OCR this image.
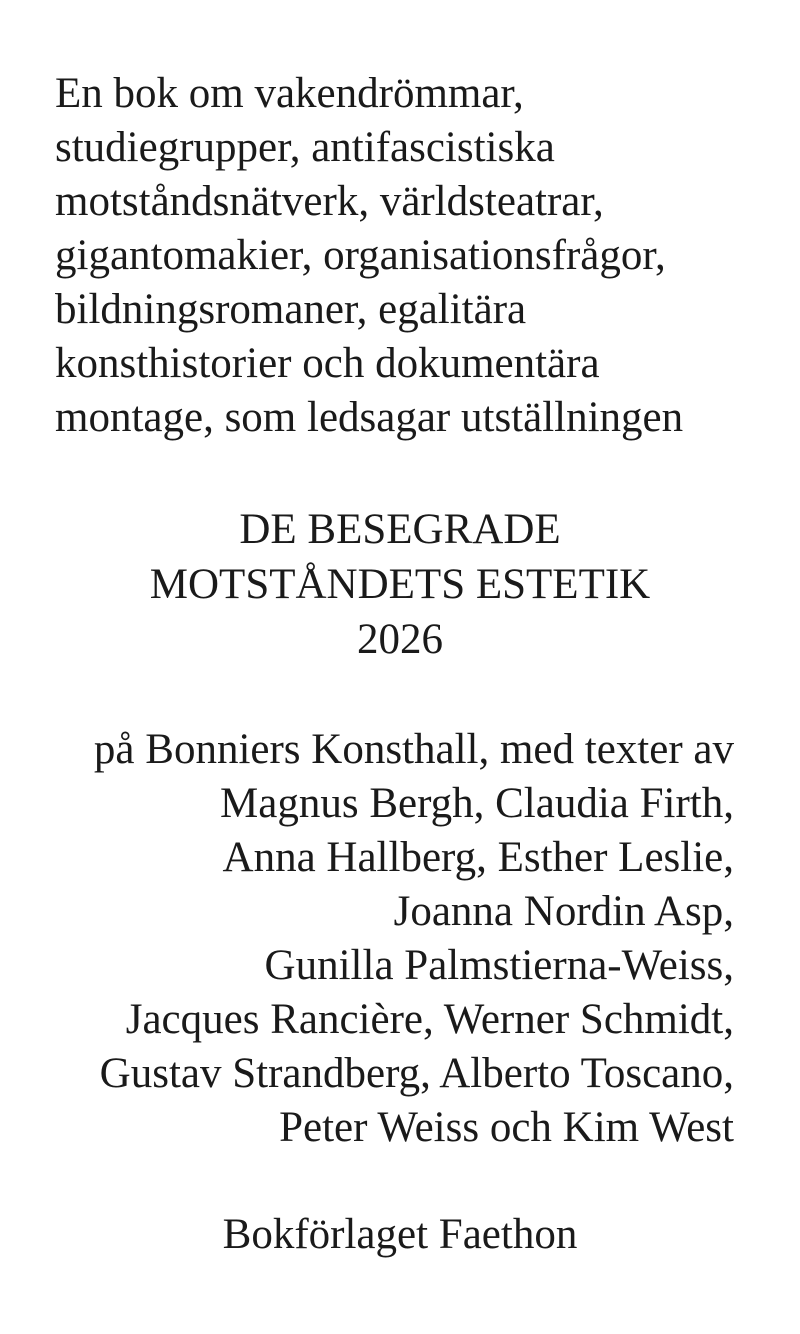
En bok om vakendrömmar,
studiegrupper, antifascistiska
motståndsnätverk, världsteatrar,
gigantomakier, organisationsfrågor,
bildningsromaner, egalitära
konsthistorier och dokumentära
montage, som ledsagar utställningen
DE BESEGRADE
MOTSTÅNDETS ESTETIK
2026
på Bonniers Konsthall, med texter av
Magnus Bergh, Claudia Firth,
Anna Hallberg, Esther Leslie,
Joanna Nordin Asp,
Gunilla Palmstierna-Weiss,
Jacques Rancière, Werner Schmidt,
Gustav Strandberg, Alberto Toscano,
Peter Weiss och Kim West
Bokförlaget Faethon
